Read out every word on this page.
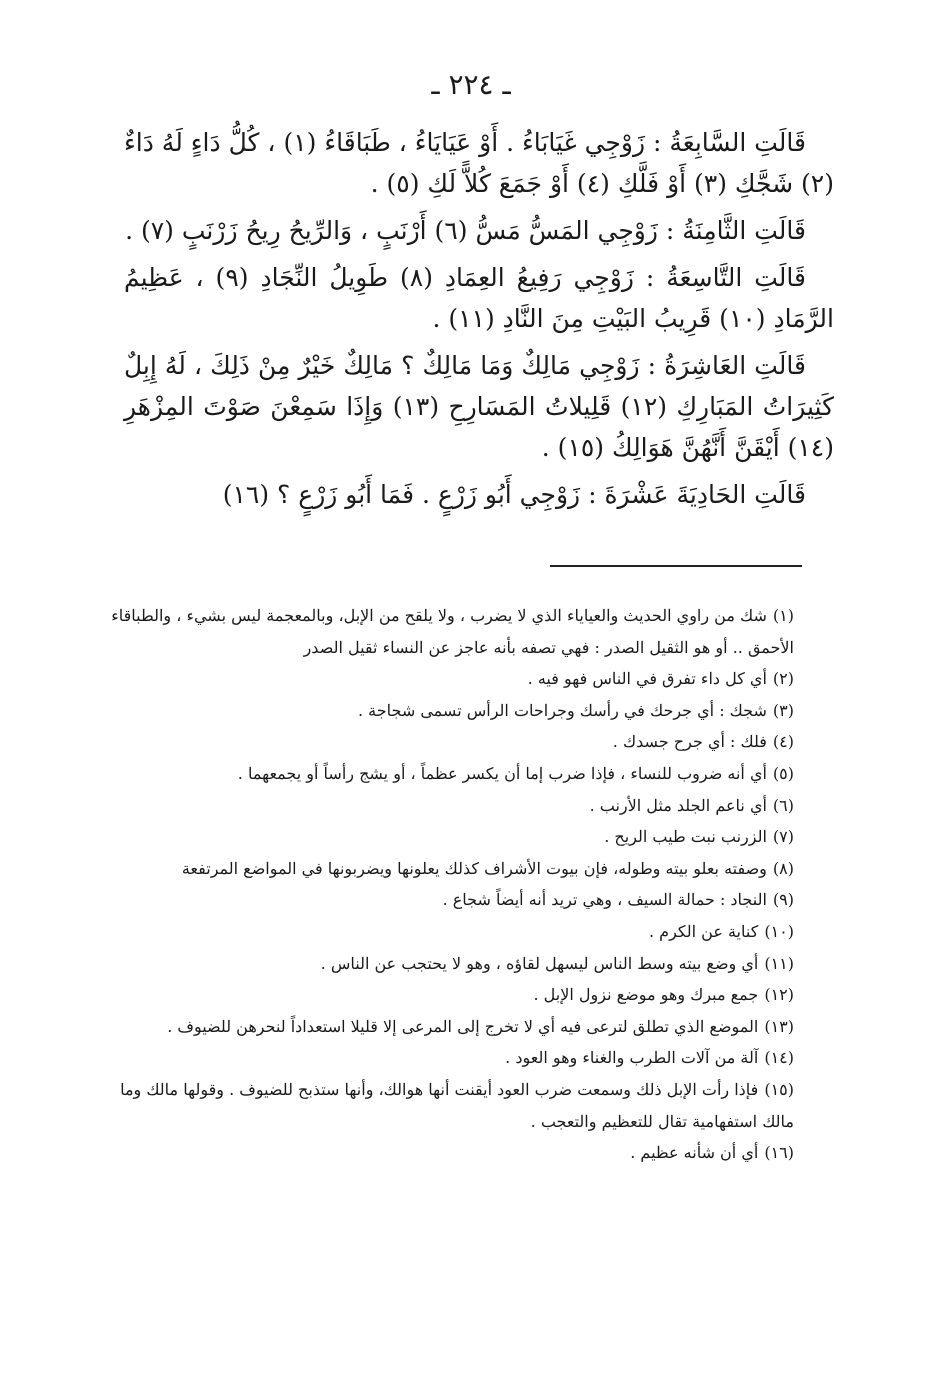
ـ ٢٢٤ ـ

قَالَتِ السَّابِعَةُ : زَوْجِي غَيَابَاءُ . أَوْ عَيَايَاءُ ، طَبَاقَاءُ (١) ، كُلُّ دَاءٍ لَهُ دَاءٌ (٢) شَجَّكِ (٣) أَوْ فَلَّكِ (٤) أَوْ جَمَعَ كُلاًّ لَكِ (٥) .

قَالَتِ الثَّامِنَةُ : زَوْجِي المَسُّ مَسُّ (٦) أَرْنَبٍ ، وَالرِّيحُ رِيحُ زَرْنَبٍ (٧) .

قَالَتِ التَّاسِعَةُ : زَوْجِي رَفِيعُ العِمَادِ (٨) طَوِيلُ النِّجَادِ (٩) ، عَظِيمُ الرَّمَادِ (١٠) قَرِيبُ البَيْتِ مِنَ النَّادِ (١١) .

قَالَتِ العَاشِرَةُ : زَوْجِي مَالِكٌ وَمَا مَالِكٌ ؟ مَالِكٌ خَيْرٌ مِنْ ذَلِكَ ، لَهُ إِبِلٌ كَثِيرَاتُ المَبَارِكِ (١٢) قَلِيلاتُ المَسَارِحِ (١٣) وَإِذَا سَمِعْنَ صَوْتَ المِزْهَرِ (١٤) أَيْقَنَّ أَنَّهُنَّ هَوَالِكُ (١٥) .

قَالَتِ الحَادِيَةَ عَشْرَةَ : زَوْجِي أَبُو زَرْعٍ . فَمَا أَبُو زَرْعٍ ؟ (١٦)

(١)شك من راوي الحديث والعياياء الذي لا يضرب ، ولا يلقح من الإبل، وبالمعجمة ليس بشيء ، والطباقاء الأحمق .. أو هو الثقيل الصدر : فهي تصفه بأنه عاجز عن النساء ثقيل الصدر
(٢)أي كل داء تفرق في الناس فهو فيه .
(٣)شجك : أي جرحك في رأسك وجراحات الرأس تسمى شجاجة .
(٤)فلك : أي جرح جسدك .
(٥)أي أنه ضروب للنساء ، فإذا ضرب إما أن يكسر عظماً ، أو يشج رأساً أو يجمعهما .
(٦)أي ناعم الجلد مثل الأرنب .
(٧)الزرنب نبت طيب الريح .
(٨)وصفته بعلو بيته وطوله، فإن بيوت الأشراف كذلك يعلونها ويضربونها في المواضع المرتفعة
(٩)النجاد : حمالة السيف ، وهي تريد أنه أيضاً شجاع .
(١٠)كناية عن الكرم .
(١١)أي وضع بيته وسط الناس ليسهل لقاؤه ، وهو لا يحتجب عن الناس .
(١٢)جمع مبرك وهو موضع نزول الإبل .
(١٣)الموضع الذي تطلق لترعى فيه أي لا تخرج إلى المرعى إلا قليلا استعداداً لنحرهن للضيوف .
(١٤)آلة من آلات الطرب والغناء وهو العود .
(١٥)فإذا رأت الإبل ذلك وسمعت ضرب العود أيقنت أنها هوالك، وأنها ستذبح للضيوف . وقولها مالك وما مالك استفهامية تقال للتعظيم والتعجب .
(١٦)أي أن شأنه عظيم .
